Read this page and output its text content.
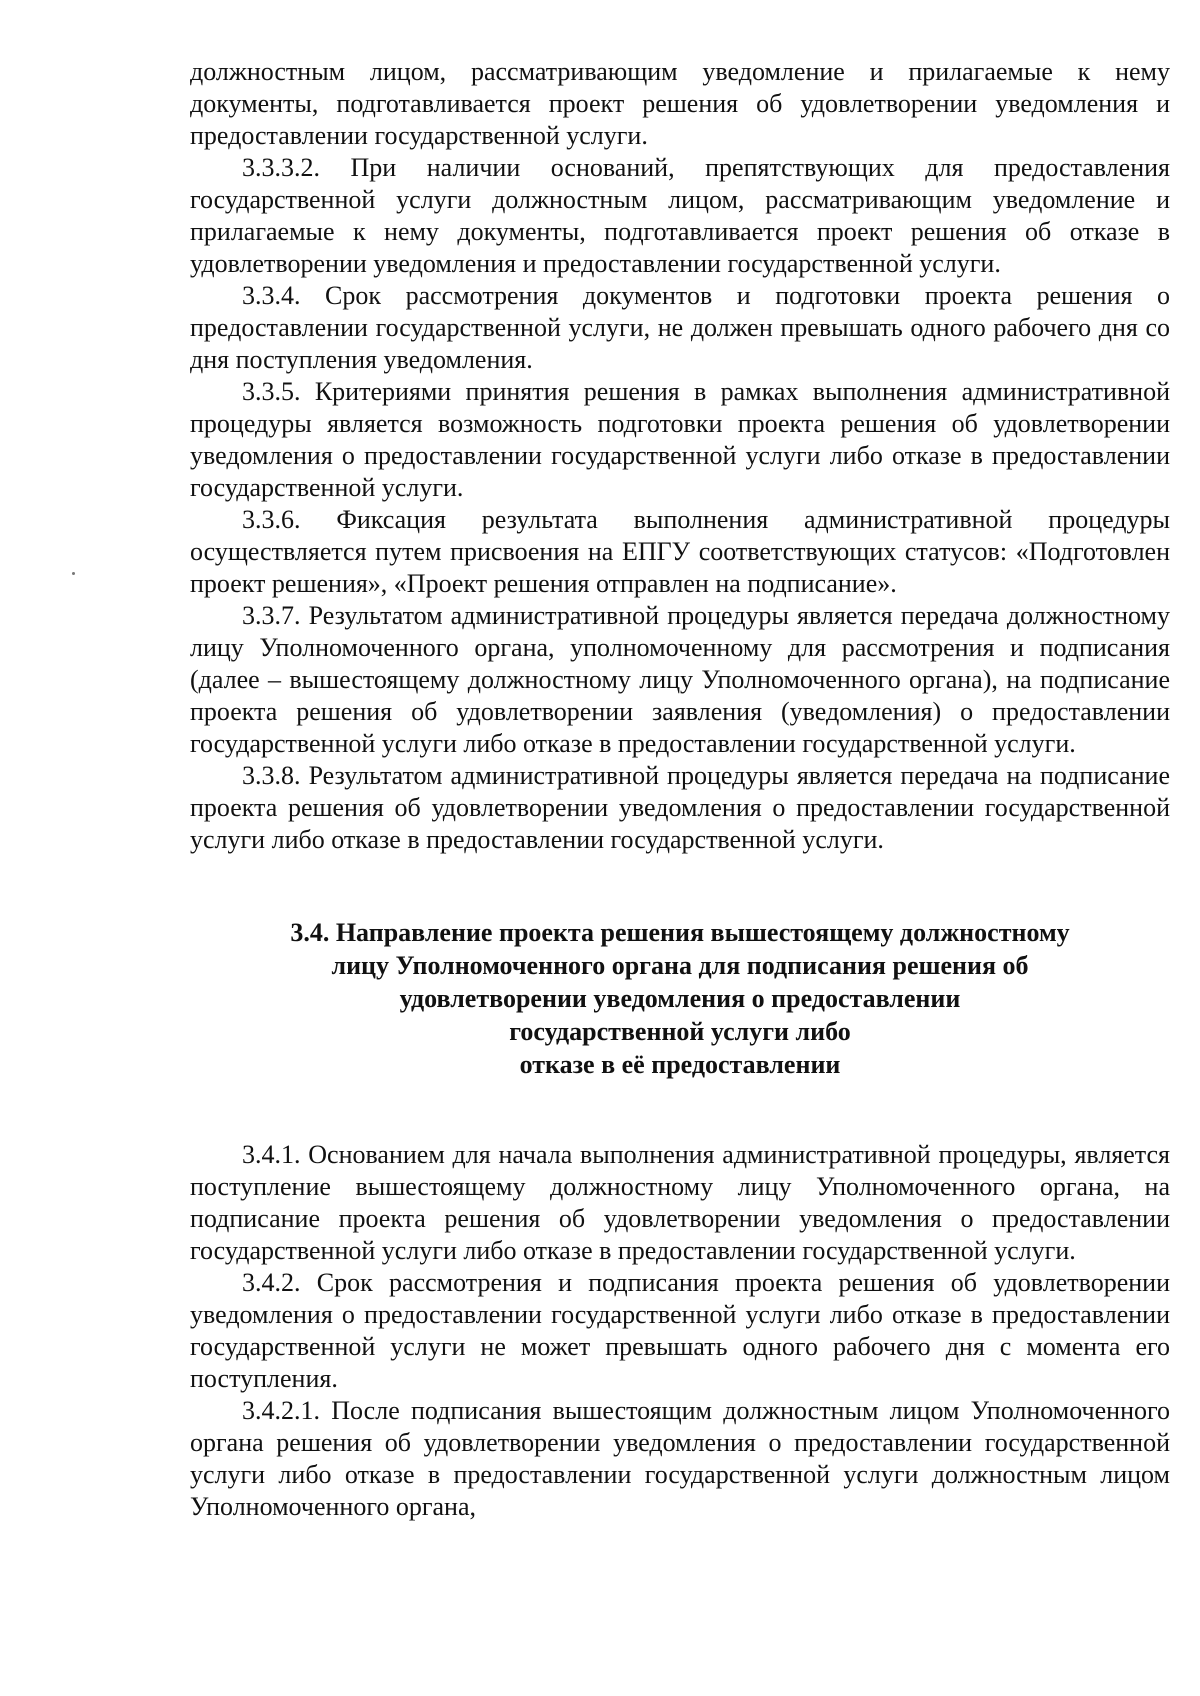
должностным лицом, рассматривающим уведомление и прилагаемые к нему документы, подготавливается проект решения об удовлетворении уведомления и предоставлении государственной услуги.

3.3.3.2. При наличии оснований, препятствующих для предоставления государственной услуги должностным лицом, рассматривающим уведомление и прилагаемые к нему документы, подготавливается проект решения об отказе в удовлетворении уведомления и предоставлении государственной услуги.

3.3.4. Срок рассмотрения документов и подготовки проекта решения о предоставлении государственной услуги, не должен превышать одного рабочего дня со дня поступления уведомления.

3.3.5. Критериями принятия решения в рамках выполнения административной процедуры является возможность подготовки проекта решения об удовлетворении уведомления о предоставлении государственной услуги либо отказе в предоставлении государственной услуги.

3.3.6. Фиксация результата выполнения административной процедуры осуществляется путем присвоения на ЕПГУ соответствующих статусов: «Подготовлен проект решения», «Проект решения отправлен на подписание».

3.3.7. Результатом административной процедуры является передача должностному лицу Уполномоченного органа, уполномоченному для рассмотрения и подписания (далее – вышестоящему должностному лицу Уполномоченного органа), на подписание проекта решения об удовлетворении заявления (уведомления) о предоставлении государственной услуги либо отказе в предоставлении государственной услуги.

3.3.8. Результатом административной процедуры является передача на подписание проекта решения об удовлетворении уведомления о предоставлении государственной услуги либо отказе в предоставлении государственной услуги.

3.4. Направление проекта решения вышестоящему должностному
лицу Уполномоченного органа для подписания решения об
удовлетворении уведомления о предоставлении
государственной услуги либо
отказе в её предоставлении

3.4.1. Основанием для начала выполнения административной процедуры, является поступление вышестоящему должностному лицу Уполномоченного органа, на подписание проекта решения об удовлетворении уведомления о предоставлении государственной услуги либо отказе в предоставлении государственной услуги.

3.4.2. Срок рассмотрения и подписания проекта решения об удовлетворении уведомления о предоставлении государственной услуги либо отказе в предоставлении государственной услуги не может превышать одного рабочего дня с момента его поступления.

3.4.2.1. После подписания вышестоящим должностным лицом Уполномоченного органа решения об удовлетворении уведомления о предоставлении государственной услуги либо отказе в предоставлении государственной услуги должностным лицом Уполномоченного органа,
